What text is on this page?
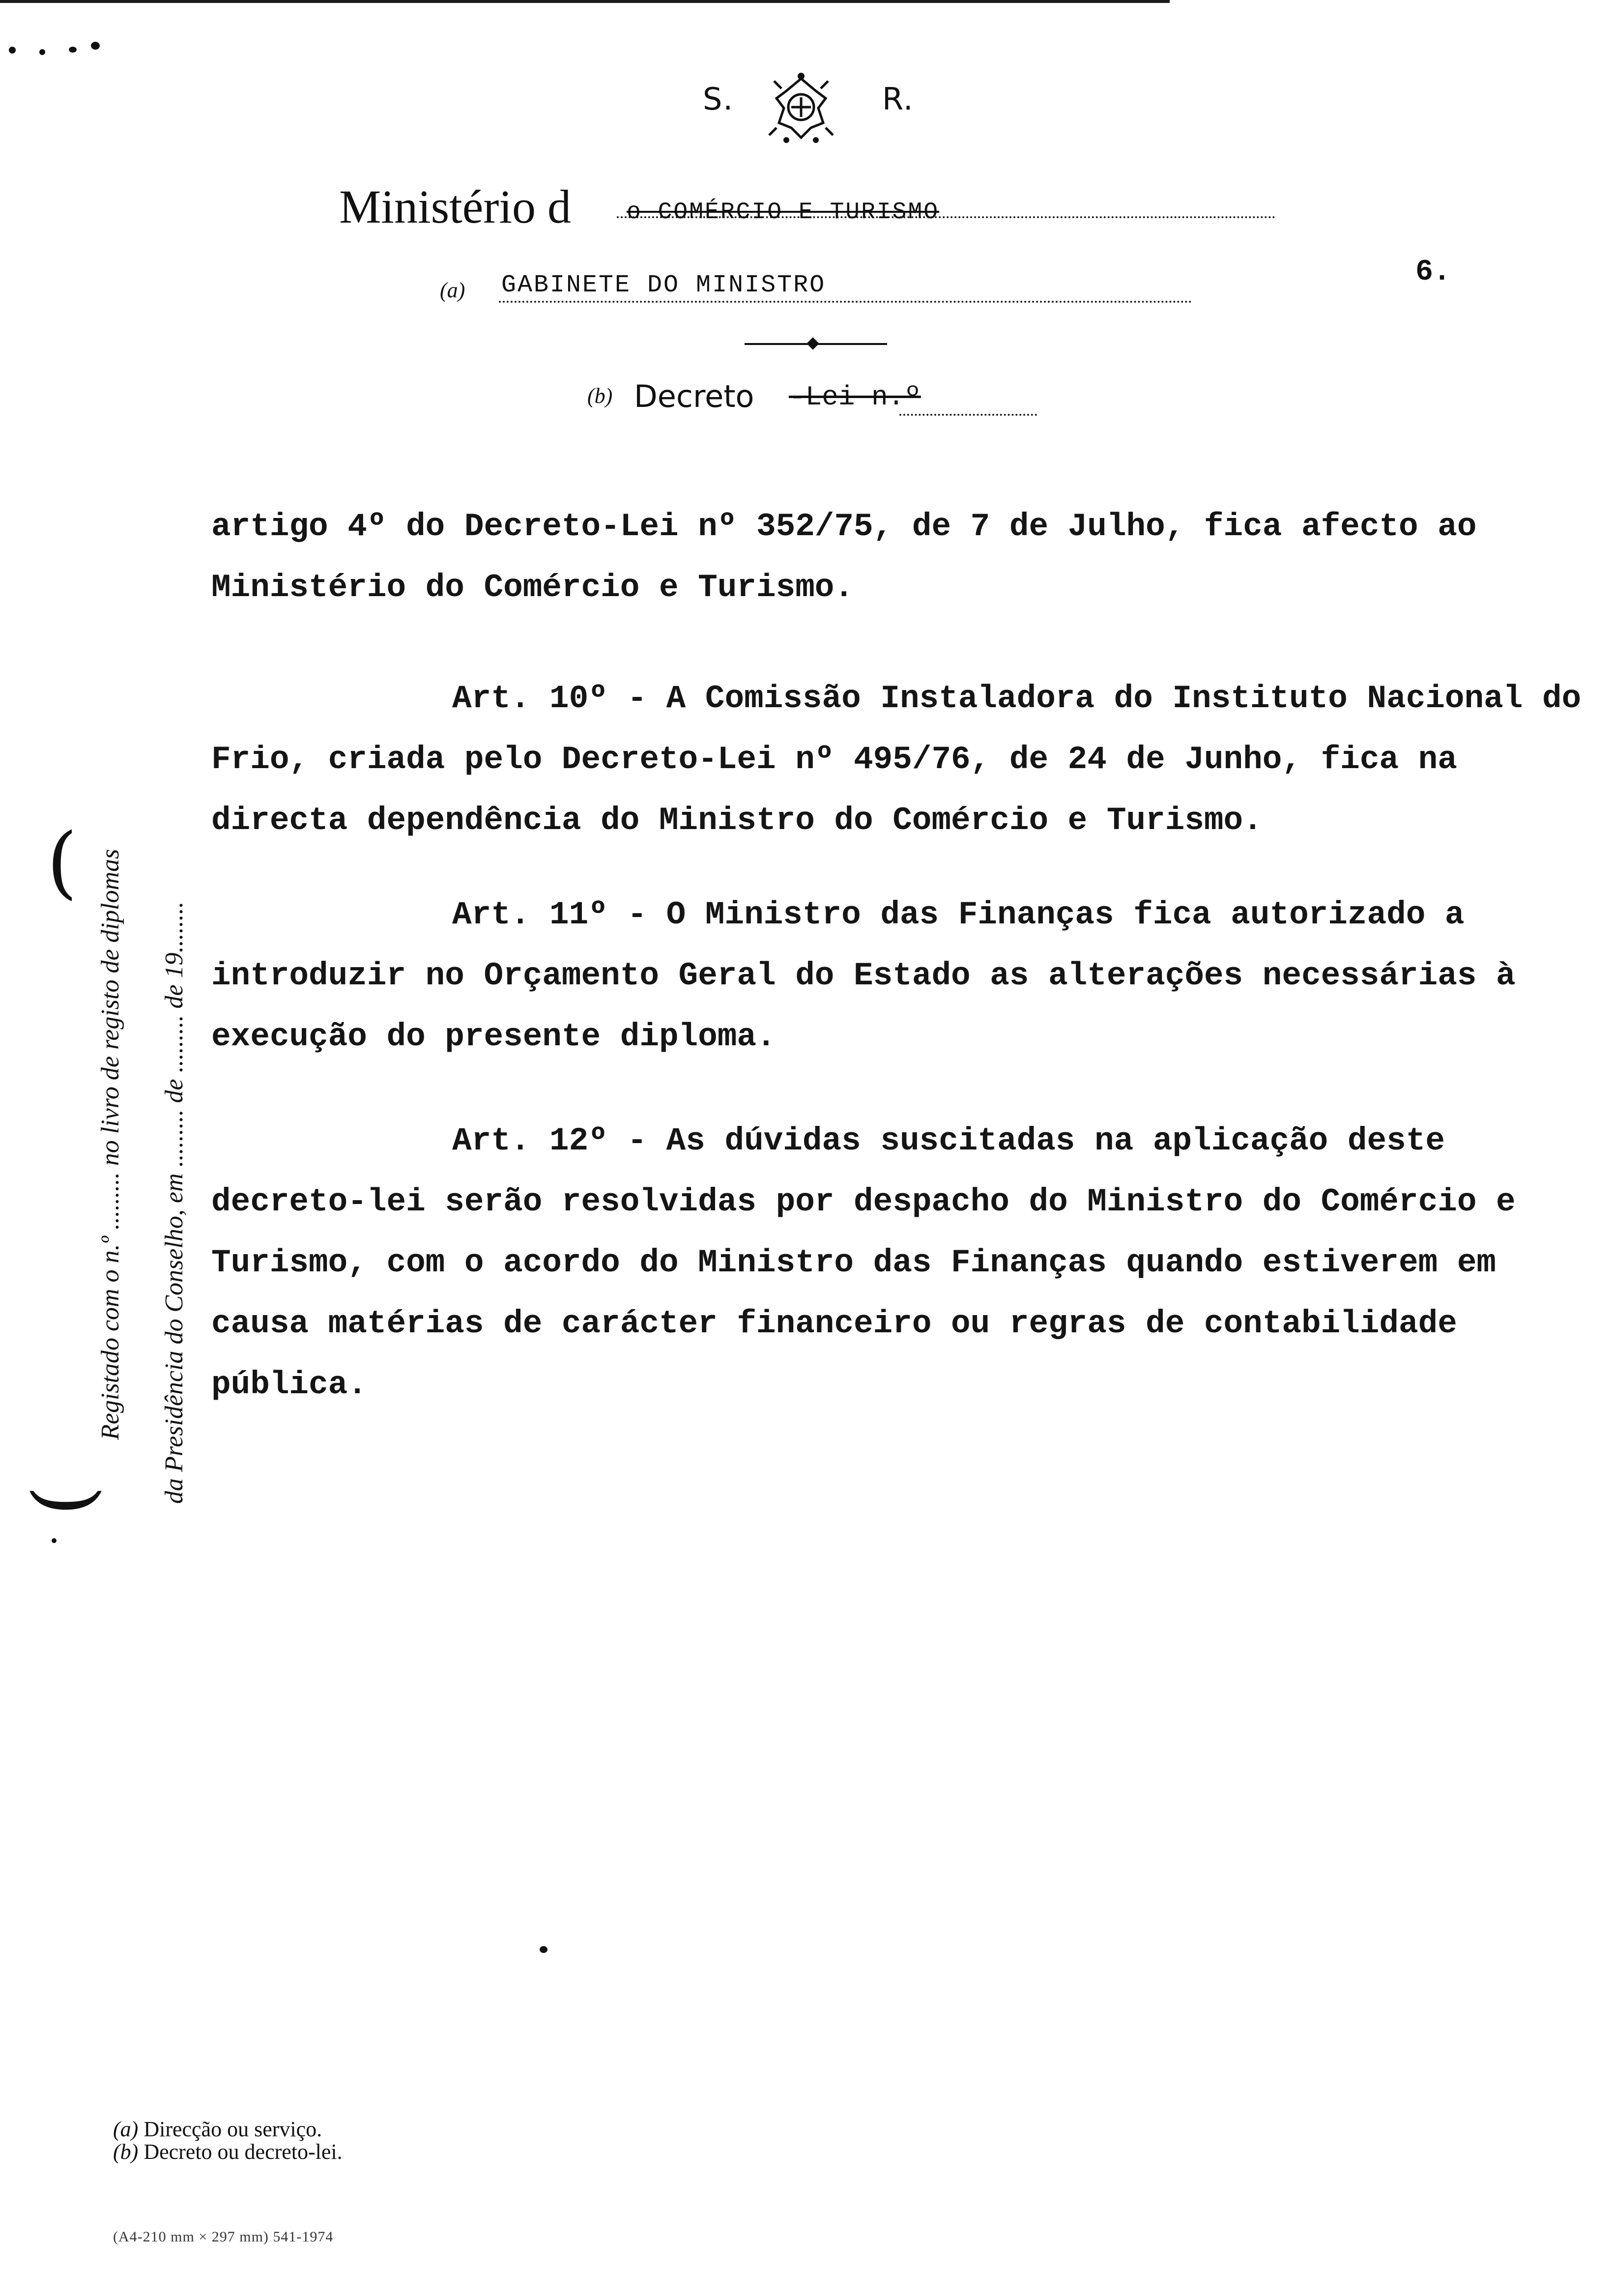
S.	R.
Ministério d o COMÉRCIO E TURISMO
(a) GABINETE DO MINISTRO	6.
(b) Decreto -Lei n.º

artigo 4º do Decreto-Lei nº 352/75, de 7 de Julho, fica afecto ao Ministério do Comércio e Turismo.

Art. 10º - A Comissão Instaladora do Instituto Nacional do Frio, criada pelo Decreto-Lei nº 495/76, de 24 de Junho, fica na directa dependência do Ministro do Comércio e Turismo.

Art. 11º - O Ministro das Finanças fica autorizado a introduzir no Orçamento Geral do Estado as alterações necessárias à execução do presente diploma.

Art. 12º - As dúvidas suscitadas na aplicação deste decreto-lei serão resolvidas por despacho do Ministro do Comércio e Turismo, com o acordo do Ministro das Finanças quando estiverem em causa matérias de carácter financeiro ou regras de contabilidade pública.

( Registado com o n.º ......... no livro de registo de diplomas da Presidência do Conselho, em ......... de ......... de 19........
(
(a) Direcção ou serviço.
(b) Decreto ou decreto-lei.
(A4-210 mm × 297 mm) 541-1974
